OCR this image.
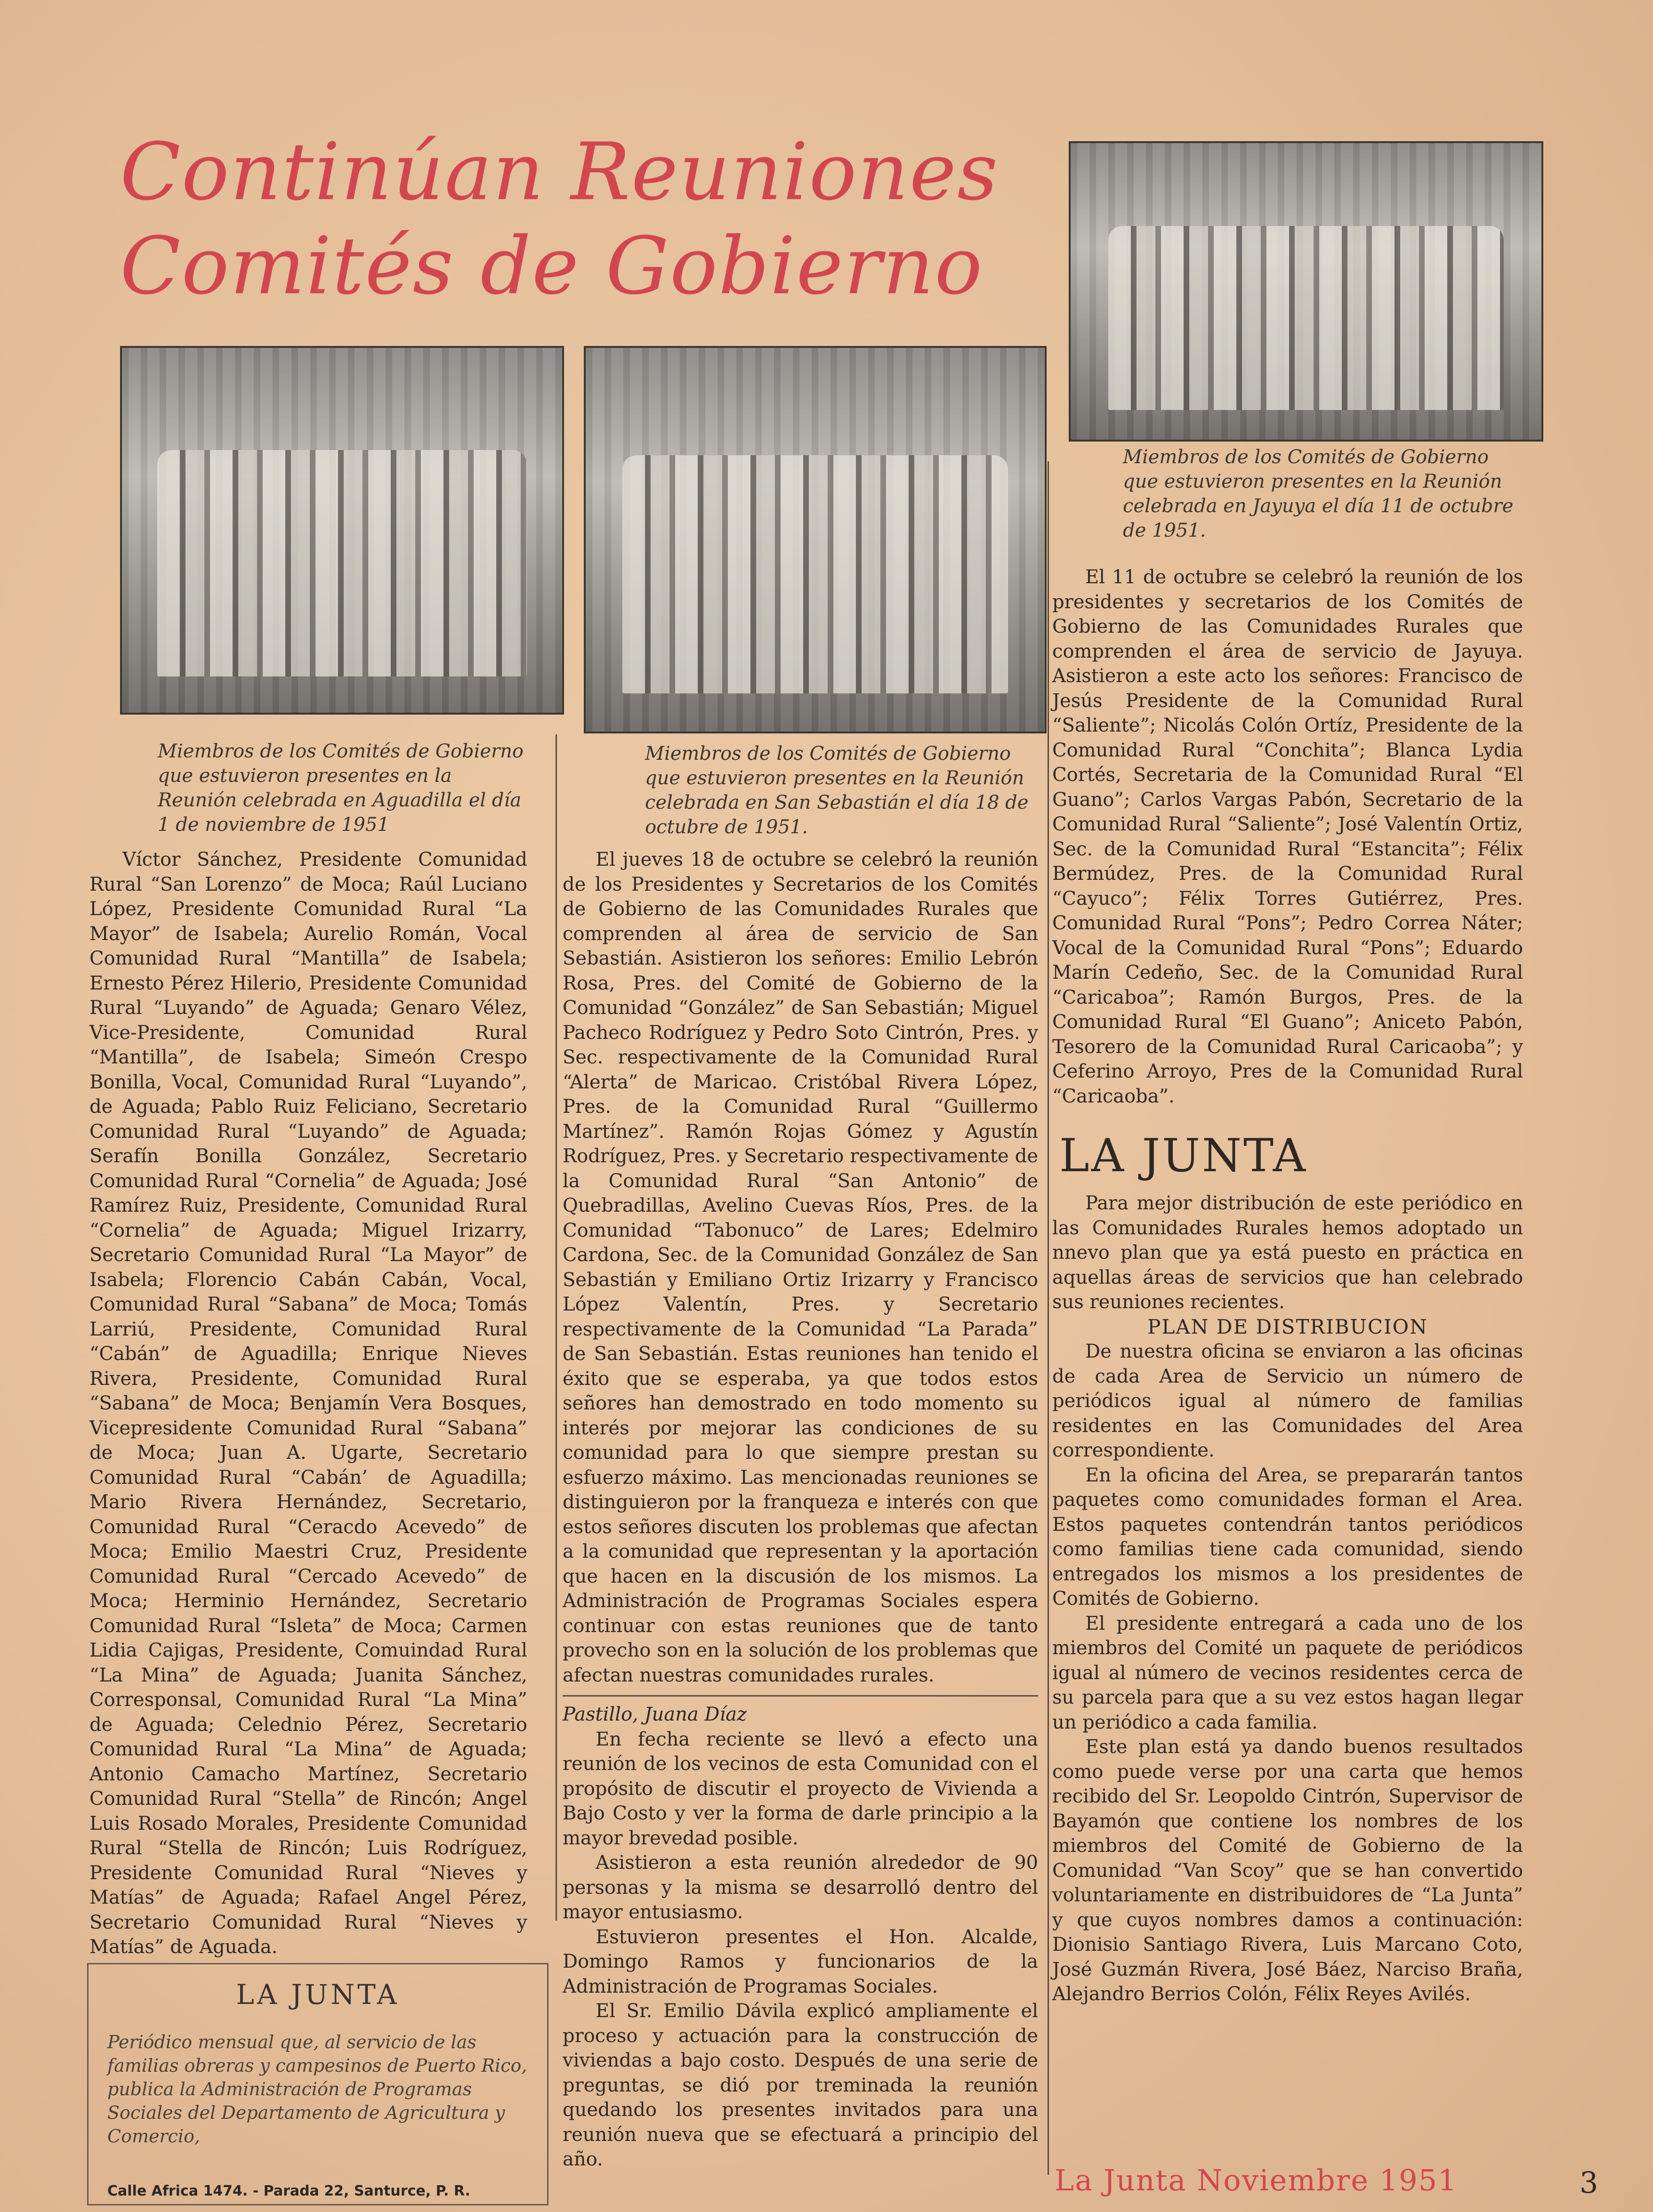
Continúan Reuniones
Comités de Gobierno

Miembros de los Comités de Gobierno que estuvieron presentes en la Reunión celebrada en Aguadilla el día 1 de noviembre de 1951

Miembros de los Comités de Gobierno que estuvieron presentes en la Reunión celebrada en San Sebastián el día 18 de octubre de 1951.

Miembros de los Comités de Gobierno que estuvieron presentes en la Reunión celebrada en Jayuya el día 11 de octubre de 1951.

Víctor Sánchez, Presidente Comunidad Rural “San Lorenzo” de Moca; Raúl Luciano López, Presidente Comunidad Rural “La Mayor” de Isabela; Aurelio Román, Vocal Comunidad Rural “Mantilla” de Isabela; Ernesto Pérez Hilerio, Presidente Comunidad Rural “Luyando” de Aguada; Genaro Vélez, Vice-Presidente, Comunidad Rural “Mantilla”, de Isabela; Simeón Crespo Bonilla, Vocal, Comunidad Rural “Luyando”, de Aguada; Pablo Ruiz Feliciano, Secretario Comunidad Rural “Luyando” de Aguada; Serafín Bonilla González, Secretario Comunidad Rural “Cornelia” de Aguada; José Ramírez Ruiz, Presidente, Comunidad Rural “Cornelia” de Aguada; Miguel Irizarry, Secretario Comunidad Rural “La Mayor” de Isabela; Florencio Cabán Cabán, Vocal, Comunidad Rural “Sabana” de Moca; Tomás Larriú, Presidente, Comunidad Rural “Cabán” de Aguadilla; Enrique Nieves Rivera, Presidente, Comunidad Rural “Sabana” de Moca; Benjamín Vera Bosques, Vicepresidente Comunidad Rural “Sabana” de Moca; Juan A. Ugarte, Secretario Comunidad Rural “Cabán’ de Aguadilla; Mario Rivera Hernández, Secretario, Comunidad Rural “Ceracdo Acevedo” de Moca; Emilio Maestri Cruz, Presidente Comunidad Rural “Cercado Acevedo” de Moca; Herminio Hernández, Secretario Comunidad Rural “Isleta” de Moca; Carmen Lidia Cajigas, Presidente, Comuindad Rural “La Mina” de Aguada; Juanita Sánchez, Corresponsal, Comunidad Rural “La Mina” de Aguada; Celednio Pérez, Secretario Comunidad Rural “La Mina” de Aguada; Antonio Camacho Martínez, Secretario Comunidad Rural “Stella” de Rincón; Angel Luis Rosado Morales, Presidente Comunidad Rural “Stella de Rincón; Luis Rodríguez, Presidente Comunidad Rural “Nieves y Matías” de Aguada; Rafael Angel Pérez, Secretario Comunidad Rural “Nieves y Matías” de Aguada.

El jueves 18 de octubre se celebró la reunión de los Presidentes y Secretarios de los Comités de Gobierno de las Comunidades Rurales que comprenden al área de servicio de San Sebastián. Asistieron los señores: Emilio Lebrón Rosa, Pres. del Comité de Gobierno de la Comunidad “González” de San Sebastián; Miguel Pacheco Rodríguez y Pedro Soto Cintrón, Pres. y Sec. respectivamente de la Comunidad Rural “Alerta” de Maricao. Cristóbal Rivera López, Pres. de la Comunidad Rural “Guillermo Martínez”. Ramón Rojas Gómez y Agustín Rodríguez, Pres. y Secretario respectivamente de la Comunidad Rural “San Antonio” de Quebradillas, Avelino Cuevas Ríos, Pres. de la Comunidad “Tabonuco” de Lares; Edelmiro Cardona, Sec. de la Comunidad González de San Sebastián y Emiliano Ortiz Irizarry y Francisco López Valentín, Pres. y Secretario respectivamente de la Comunidad “La Parada” de San Sebastián. Estas reuniones han tenido el éxito que se esperaba, ya que todos estos señores han demostrado en todo momento su interés por mejorar las condiciones de su comunidad para lo que siempre prestan su esfuerzo máximo. Las mencionadas reuniones se distinguieron por la franqueza e interés con que estos señores discuten los problemas que afectan a la comunidad que representan y la aportación que hacen en la discusión de los mismos. La Administración de Programas Sociales espera continuar con estas reuniones que de tanto provecho son en la solución de los problemas que afectan nuestras comunidades rurales.

Pastillo, Juana Díaz

En fecha reciente se llevó a efecto una reunión de los vecinos de esta Comunidad con el propósito de discutir el proyecto de Vivienda a Bajo Costo y ver la forma de darle principio a la mayor brevedad posible.

Asistieron a esta reunión alrededor de 90 personas y la misma se desarrolló dentro del mayor entusiasmo.

Estuvieron presentes el Hon. Alcalde, Domingo Ramos y funcionarios de la Administración de Programas Sociales.

El Sr. Emilio Dávila explicó ampliamente el proceso y actuación para la construcción de viviendas a bajo costo. Después de una serie de preguntas, se dió por treminada la reunión quedando los presentes invitados para una reunión nueva que se efectuará a principio del año.

El 11 de octubre se celebró la reunión de los presidentes y secretarios de los Comités de Gobierno de las Comunidades Rurales que comprenden el área de servicio de Jayuya. Asistieron a este acto los señores: Francisco de Jesús Presidente de la Comunidad Rural “Saliente”; Nicolás Colón Ortíz, Presidente de la Comunidad Rural “Conchita”; Blanca Lydia Cortés, Secretaria de la Comunidad Rural “El Guano”; Carlos Vargas Pabón, Secretario de la Comunidad Rural “Saliente”; José Valentín Ortiz, Sec. de la Comunidad Rural “Estancita”; Félix Bermúdez, Pres. de la Comunidad Rural “Cayuco”; Félix Torres Gutiérrez, Pres. Comunidad Rural “Pons”; Pedro Correa Náter; Vocal de la Comunidad Rural “Pons”; Eduardo Marín Cedeño, Sec. de la Comunidad Rural “Caricaboa”; Ramón Burgos, Pres. de la Comunidad Rural “El Guano”; Aniceto Pabón, Tesorero de la Comunidad Rural Caricaoba”; y Ceferino Arroyo, Pres de la Comunidad Rural “Caricaoba”.

LA JUNTA

Para mejor distribución de este periódico en las Comunidades Rurales hemos adoptado un nnevo plan que ya está puesto en práctica en aquellas áreas de servicios que han celebrado sus reuniones recientes.

PLAN DE DISTRIBUCION

De nuestra oficina se enviaron a las oficinas de cada Area de Servicio un número de periódicos igual al número de familias residentes en las Comunidades del Area correspondiente.

En la oficina del Area, se prepararán tantos paquetes como comunidades forman el Area. Estos paquetes contendrán tantos periódicos como familias tiene cada comunidad, siendo entregados los mismos a los presidentes de Comités de Gobierno.

El presidente entregará a cada uno de los miembros del Comité un paquete de periódicos igual al número de vecinos residentes cerca de su parcela para que a su vez estos hagan llegar un periódico a cada familia.

Este plan está ya dando buenos resultados como puede verse por una carta que hemos recibido del Sr. Leopoldo Cintrón, Supervisor de Bayamón que contiene los nombres de los miembros del Comité de Gobierno de la Comunidad “Van Scoy” que se han convertido voluntariamente en distribuidores de “La Junta” y que cuyos nombres damos a continuación: Dionisio Santiago Rivera, Luis Marcano Coto, José Guzmán Rivera, José Báez, Narciso Braña, Alejandro Berrios Colón, Félix Reyes Avilés.

LA JUNTA

Periódico mensual que, al servicio de las familias obreras y campesinos de Puerto Rico, publica la Administración de Programas Sociales del Departamento de Agricultura y Comercio,

Calle Africa 1474. - Parada 22, Santurce, P. R.	La Junta Noviembre 1951	3
